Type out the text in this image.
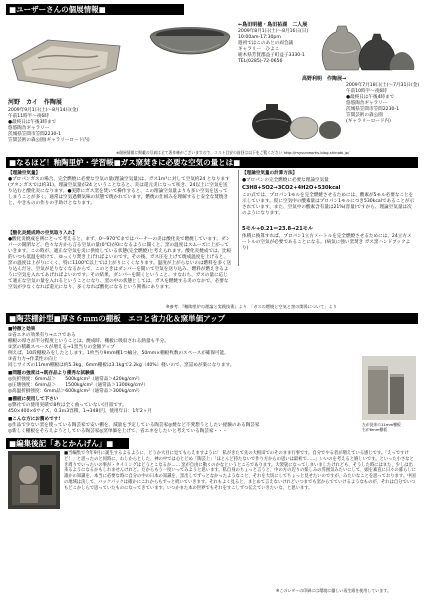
■ユーザーさんの個展情報■
河野　カイ　作陶展
2009年9月1日(土)～8月14日(金)
午前11時半～夜6時
●最終日は午後3時まで
悠悠陶舎ギャラリー
茨城県笠間市笠間2230-1
笠間芸術の森公園(ギャラリーロード内)
←島田明穂・島田祐湖　二人展
2009年8月1日(土)～8月16日(日)
10:00am-17:30pm
週初ではこのあとの両会議
ギャラリー　ひよこ
栃木県芳賀郡益子町益子3330-1
TEL(0285)-72-0656
高野利明　作陶展→
2009年7月18日(土)～7月31日(金)
午前10時半～夜6時
●最終日は午後4時まで
悠悠陶舎ギャラリー
茨城県笠間市笠間2230-1
笠間芸術の森公園
(ギャラリーロード内)
※個展情報に掲載の写真は全て著作権がございますので、コスト目安の前回は以下をご覧ください http://mysunworks.blog.shinobi.jp/
■なるほど！釉陶里炉・学習帳■ガス窯焚きに必要な空気の量とは■
【理論空気量】
●プロパンガスの場合、完全燃焼に必要な空気の量(理論空気量)は、ガス1m³に対して空気約24 となります(ブタンガスでは約31)。理論空気量が24 ということなると、炎は還元炎になって咲き、24以上に空気を送り込むと酸化炎になります。●実際にガス窯を焚いて操作すると、この理論空気量よりも多い空気を送ってしまうことが多く、通常は空気過剰気味の状態で焼かれています。燃焼の仕組みを理解すると安全な焚焼きと、やきものの作りの手助けとなります。
【酸化炎焼成時の空気取り入れ】
●酸化炎焼成を例にとって考えると、まず、0～970℃まではバーナーの炎は酸化炎で燃焼しています。ダンパーの開閉など、色々な方から言る空気の量(0℃)が0になるように開くと、窯の温度はスムーズに上がっていきます。この時が、適正な空気を炎に供給している状態(完全燃焼)と考えられます。酸化炎焼成では、比較的いつも低温を続けて、ゆっくり焚き上げればよいのです。その後、ガス圧を上げて焼成温度を上げると、窯の温度は上がりにくく、特に1100℃以上では上がりにくくなります。温度が上がらないのは燃料を多く送り込んだ分、空気が足りなくなるからで、このときはダンパーを開いて空気を送り込み、燃料が燃えきるように空気を入れてあげればよいのです。その結果、ダンパーを開くということ、すなわち、ガスの量に応じて適正な空気の量を入れるということになり、窯の中の状態としては、ガスを燃焼する炎のなかで、必要な空気が少なくなれば還元になり、多くなれば酸化になるという関係にあります。
【理論空気量の計算方法】
●プロパンの完全燃焼に必要な理論空気量
C3H8+5O2→3CO2+4H2O+530kcal
この式では、プロパン1モルを完全燃焼させるためには、酸素が5モル必要なことを示しています。仮に空気中の酸素量はプロパン1モルにつき530kcalであることが示されています。また、空気中の酸素含有量は21%(容量)ですから、理論空気量は次のようになります。
5モル÷0.21＝23.8→21モル
体積に換算すれば、プロパン1立方メートルを完全燃焼させるためには、24立方メートルの空気が必要であることになる。(病気に強い窯焚き ガス窯ハンドブックより)
※参考：『釉陶里炉の理論と実践技術』より　「ガスの燃焼と空気と窯の関係について」より
■陶芸棚針型■厚さ６ｍｍの棚板　エコと省力化＆窯単価アップ
■特徴と効果
①省エネの効果有り→エコである
棚板の厚さが半分程度ということは、焼成時、棚板に吸収される熱量も半分。
②窯の積載スペースが増える→1窯当りの金額アップ
例えば、10段棚板みをしたとします。1枚当り9mm棚1つ輸分、50mm×棚板枚数のスペースが確保可能。
③省力力→作業性の向上
同じサイズの11mm棚板は約5.3kg、6mm棚板は3.1kgで2.2kg（40%）軽いので、窯詰めが楽になります。
■問題の強度は→既存品より優秀な試験値
◎抗折強度：6mm品＞　　500kg/cm²（通常品＞420kg/cm²）
◎圧壊強度：6mm品＞　　1500kg/cm²（通常品＞1300kg/cm²）
◎高温折損強度：6mm品＞600kg/cm²（通常品＞300kg/cm²）
■棚板に使用して下さい
◎弊社での使用実績で8枚は全く曲っていない(目皿です。
450×400×6サイズ、0.3ｍ3容積、1→348(円、使用年日：1年2ヶ月
■こんな方にお薦めです!
◎作品で少ない窯を使っている陶芸家で安い棚を、減量を予定している陶芸家◎焼など不愛想うとしたい経験のある陶芸家
◎新しく棚板をそろえようとしている陶芸家◎窯単価を上げて、省エネをしたいと考えている陶芸家・・・
左が従来の11mm棚板
右が6mm棚板
■編集後記「あとかんげん」■
■当編集で今年9月に誕生するよるように、どうか大目に見てもらえますように！ 私がきたて先の大根田でのそのまま行事です。自分でやる者が増えている感じです。「えっですけど！」と思ったのと同時に、わしからとした、神の中では心とどめ「陶芸上」「ほとんど持たないで作り方からの思いは最初で……」いいのを考えると嬉しいです。といった小さなとき周りでいったいの事が・タイミングはどうとこなるか…… 窯が自由に動くのかなというところであります。大袈裟になってしまいましたけれども、そうした時にはまた、少しは出来るようになるかもしれませんけれど。だからもう一度いってみようと思います。私自身のちょっと言うと、中の方の辺りの楽しみの雰囲気みたいにして、頭を素直に日々の暮らしに誰かの知識を、本当に必要な時に自分の中の日本の知識を、窯出しでずっとなかったようなこと、それを大切にしてちょっと見せたいのですが、みたいなことを思っております。中国の地域は決して、バックパックは確かにこれからもずっと続いていきます。それもよく見ると、まとめて言えないけれどいつまでも窯からでていけるようなものが、それは自分でいつもどこかしらで思っていたものになってきています。いつかまた本の世界でもそれをすこしずつ伝えていきたいな、と思います。
※このレターの印刷には環境に優しい再生紙を使用しています。
